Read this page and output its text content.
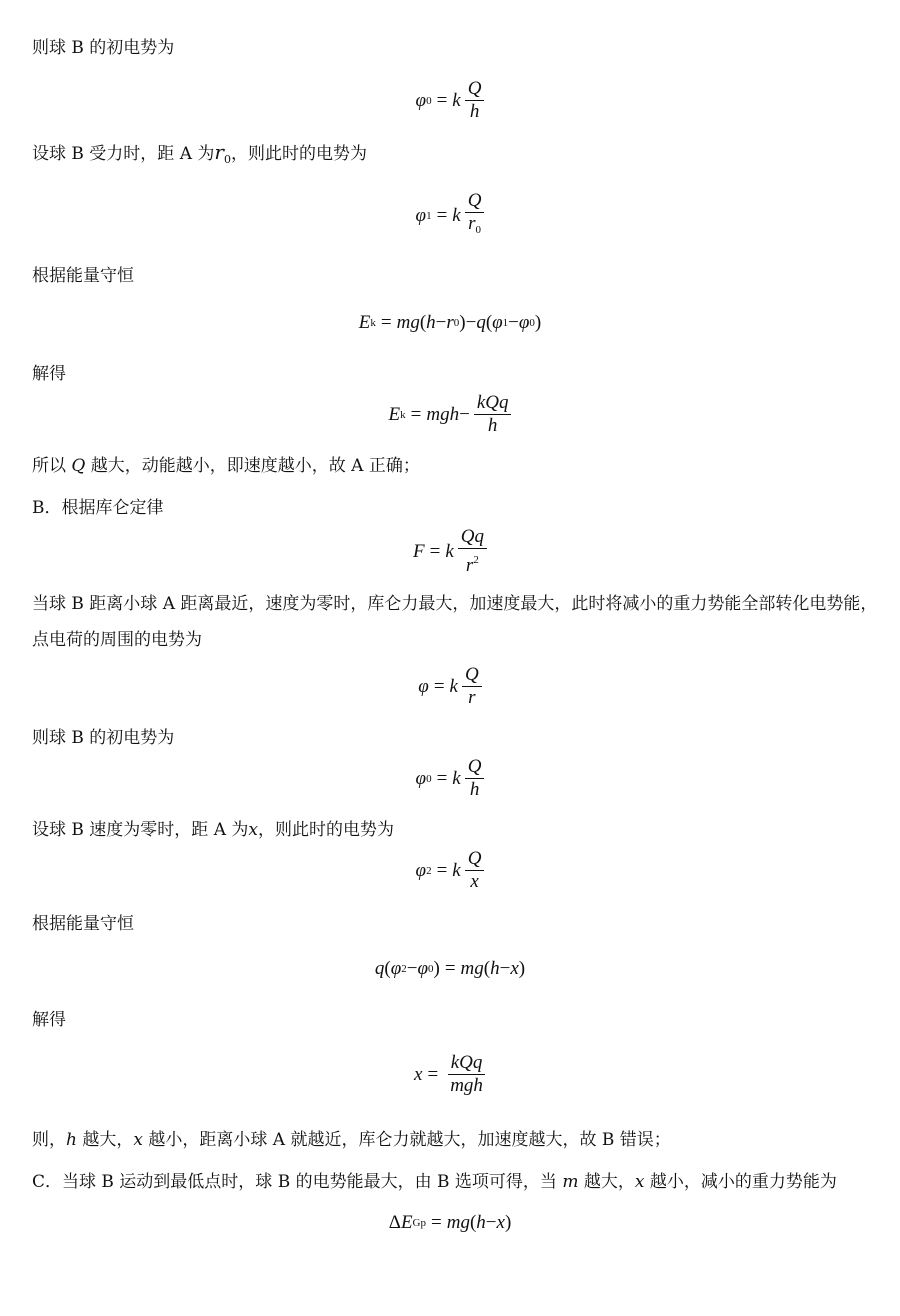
则球 B 的初电势为
φ 0 = k $\frac{Q}{h}$
设球 B 受力时，距 A 为$r_0$，则此时的电势为
φ 1 = k $\frac{Q}{r_0}$
根据能量守恒
E k = mg ( h − r 0 )− q ( φ 1 − φ 0 )
解得
E k = mgh − $\frac{\text{kQq}}{h}$
所以 Q 越大，动能越小，即速度越小，故 A 正确；
B．根据库仑定律
F = k $\frac{Qq}{r^2}$
当球 B 距离小球 A 距离最近，速度为零时，库仑力最大，加速度最大，此时将减小的重力势能全部转化电势能，点电荷的周围的电势为
φ = k $\frac{Q}{r}$
则球 B 的初电势为
φ 0 = k $\frac{Q}{h}$
设球 B 速度为零时，距 A 为x，则此时的电势为
φ 2 = k $\frac{Q}{x}$
根据能量守恒
q ( φ 2 − φ 0 ) = mg ( h − x )
解得
$x = \frac{\text{kQq}}{\text{mgh}}$
则，h 越大，x 越小，距离小球 A 就越近，库仑力就越大，加速度越大，故 B 错误；
C．当球 B 运动到最低点时，球 B 的电势能最大，由 B 选项可得，当 m 越大，x 越小，减小的重力势能为
Δ E Gp = mg ( h − x )
